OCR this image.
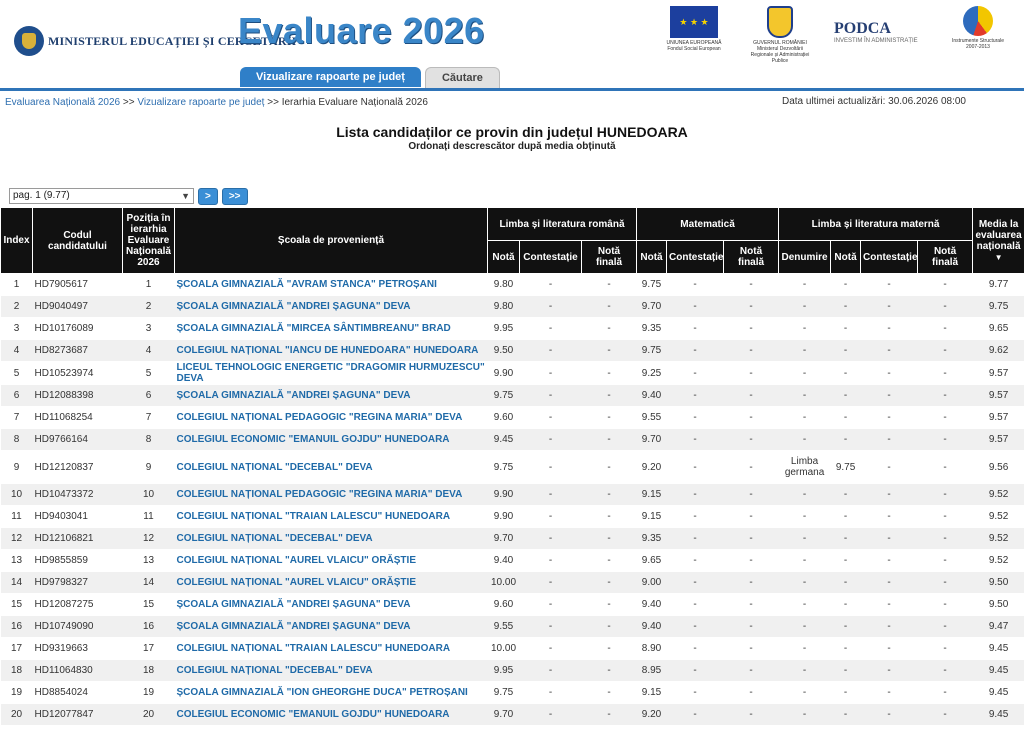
MINISTERUL EDUCAȚIEI ȘI CERCETĂRII
Evaluare 2026	★ ★ ★
UNIUNEA EUROPEANĂ Fondul Social European
GUVERNUL ROMÂNIEI Ministerul Dezvoltării Regionale și Administrației Publice
PODCA
INVESTIM ÎN ADMINISTRAȚIE	Instrumente Structurale 2007-2013
Vizualizare rapoarte pe județ	Căutare
Evaluarea Națională 2026 >> Vizualizare rapoarte pe județ >> Ierarhia Evaluare Națională 2026	Data ultimei actualizări: 30.06.2026 08:00
Lista candidaților ce provin din județul HUNEDOARA
Ordonați descrescător după media obținută
pag. 1 (9.77)	▼	>	>>
Index	Codul candidatului	Poziția în ierarhia Evaluare Națională 2026	Școala de proveniență	Limba și literatura română			Matematică			Limba și literatura maternă				Media la evaluarea națională
▼
				Notă	Contestație	Notă finală	Notă	Contestație	Notă finală	Denumire	Notă	Contestație	Notă finală	
1	HD7905617	1	ȘCOALA GIMNAZIALĂ "AVRAM STANCA" PETROȘANI	9.80	-	-	9.75	-	-	-	-	-	-	9.77
2	HD9040497	2	ȘCOALA GIMNAZIALĂ "ANDREI ȘAGUNA" DEVA	9.80	-	-	9.70	-	-	-	-	-	-	9.75
3	HD10176089	3	ȘCOALA GIMNAZIALĂ "MIRCEA SÂNTIMBREANU" BRAD	9.95	-	-	9.35	-	-	-	-	-	-	9.65
4	HD8273687	4	COLEGIUL NAȚIONAL "IANCU DE HUNEDOARA" HUNEDOARA	9.50	-	-	9.75	-	-	-	-	-	-	9.62
5	HD10523974	5	LICEUL TEHNOLOGIC ENERGETIC "DRAGOMIR HURMUZESCU" DEVA	9.90	-	-	9.25	-	-	-	-	-	-	9.57
6	HD12088398	6	ȘCOALA GIMNAZIALĂ "ANDREI ȘAGUNA" DEVA	9.75	-	-	9.40	-	-	-	-	-	-	9.57
7	HD11068254	7	COLEGIUL NAȚIONAL PEDAGOGIC "REGINA MARIA" DEVA	9.60	-	-	9.55	-	-	-	-	-	-	9.57
8	HD9766164	8	COLEGIUL ECONOMIC "EMANUIL GOJDU" HUNEDOARA	9.45	-	-	9.70	-	-	-	-	-	-	9.57
9	HD12120837	9	COLEGIUL NAȚIONAL "DECEBAL" DEVA	9.75	-	-	9.20	-	-	Limba germana	9.75	-	-	9.56
10	HD10473372	10	COLEGIUL NAȚIONAL PEDAGOGIC "REGINA MARIA" DEVA	9.90	-	-	9.15	-	-	-	-	-	-	9.52
11	HD9403041	11	COLEGIUL NAȚIONAL "TRAIAN LALESCU" HUNEDOARA	9.90	-	-	9.15	-	-	-	-	-	-	9.52
12	HD12106821	12	COLEGIUL NAȚIONAL "DECEBAL" DEVA	9.70	-	-	9.35	-	-	-	-	-	-	9.52
13	HD9855859	13	COLEGIUL NAȚIONAL "AUREL VLAICU" ORĂȘTIE	9.40	-	-	9.65	-	-	-	-	-	-	9.52
14	HD9798327	14	COLEGIUL NAȚIONAL "AUREL VLAICU" ORĂȘTIE	10.00	-	-	9.00	-	-	-	-	-	-	9.50
15	HD12087275	15	ȘCOALA GIMNAZIALĂ "ANDREI ȘAGUNA" DEVA	9.60	-	-	9.40	-	-	-	-	-	-	9.50
16	HD10749090	16	ȘCOALA GIMNAZIALĂ "ANDREI ȘAGUNA" DEVA	9.55	-	-	9.40	-	-	-	-	-	-	9.47
17	HD9319663	17	COLEGIUL NAȚIONAL "TRAIAN LALESCU" HUNEDOARA	10.00	-	-	8.90	-	-	-	-	-	-	9.45
18	HD11064830	18	COLEGIUL NAȚIONAL "DECEBAL" DEVA	9.95	-	-	8.95	-	-	-	-	-	-	9.45
19	HD8854024	19	ȘCOALA GIMNAZIALĂ "ION GHEORGHE DUCA" PETROȘANI	9.75	-	-	9.15	-	-	-	-	-	-	9.45
20	HD12077847	20	COLEGIUL ECONOMIC "EMANUIL GOJDU" HUNEDOARA	9.70	-	-	9.20	-	-	-	-	-	-	9.45
